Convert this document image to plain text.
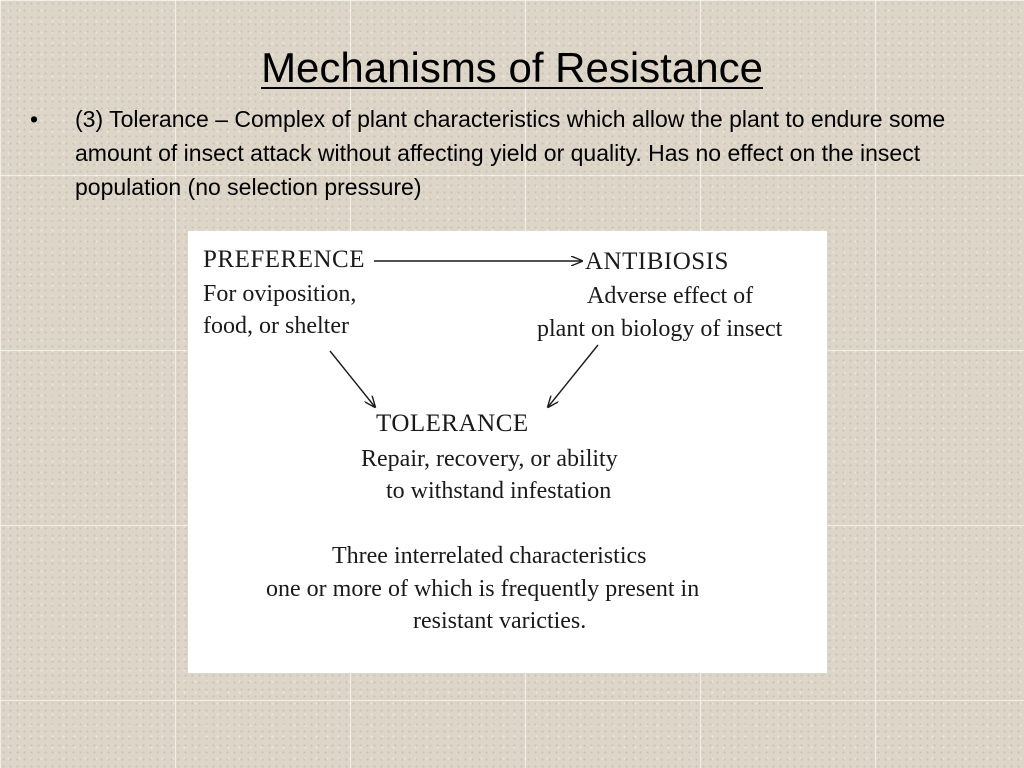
Mechanisms of Resistance
• (3) Tolerance – Complex of plant characteristics which allow the plant to endure some amount of insect attack without affecting yield or quality. Has no effect on the insect population (no selection pressure)
PREFERENCE
For oviposition,
food, or shelter
ANTIBIOSIS
Adverse effect of
plant on biology of insect
TOLERANCE
Repair, recovery, or ability
to withstand infestation
Three interrelated characteristics
one or more of which is frequently present in
resistant varicties.
